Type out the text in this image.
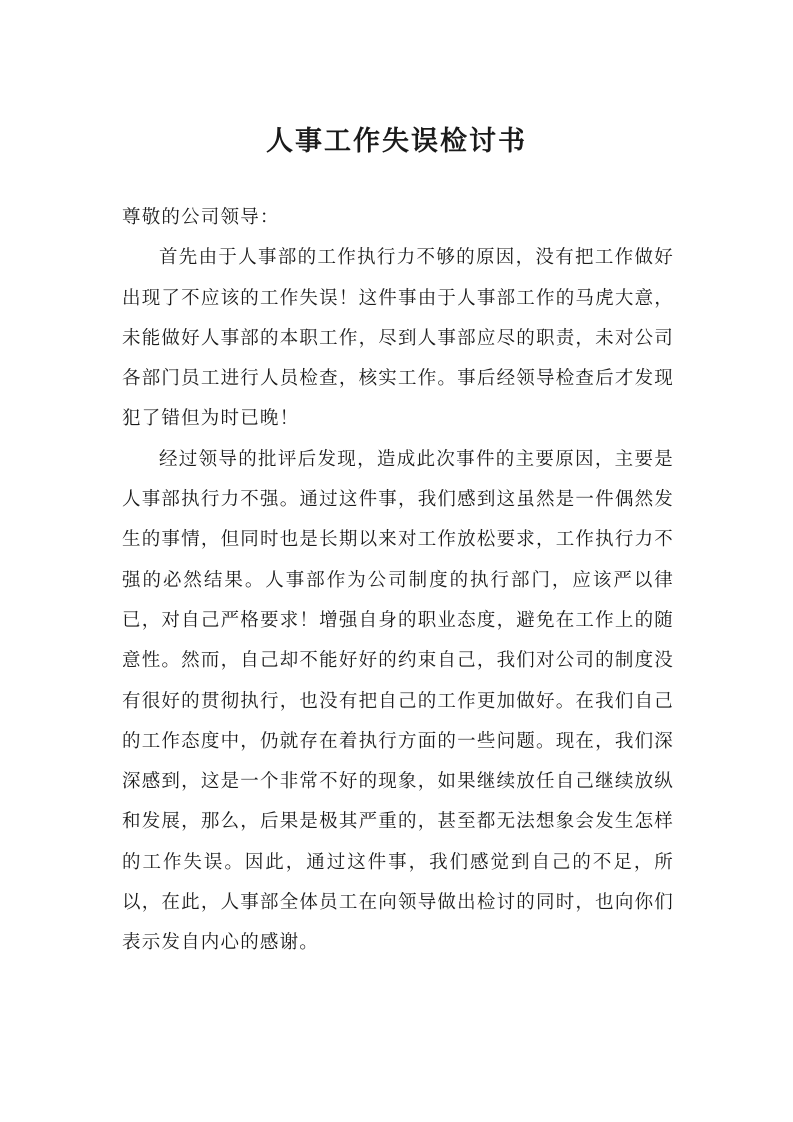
人事工作失误检讨书

尊敬的公司领导：

首先由于人事部的工作执行力不够的原因，没有把工作做好出现了不应该的工作失误！这件事由于人事部工作的马虎大意，未能做好人事部的本职工作，尽到人事部应尽的职责，未对公司各部门员工进行人员检查，核实工作。事后经领导检查后才发现犯了错但为时已晚！

经过领导的批评后发现，造成此次事件的主要原因，主要是人事部执行力不强。通过这件事，我们感到这虽然是一件偶然发生的事情，但同时也是长期以来对工作放松要求，工作执行力不强的必然结果。人事部作为公司制度的执行部门，应该严以律已，对自己严格要求！增强自身的职业态度，避免在工作上的随意性。然而，自己却不能好好的约束自己，我们对公司的制度没有很好的贯彻执行，也没有把自己的工作更加做好。在我们自己的工作态度中，仍就存在着执行方面的一些问题。现在，我们深深感到，这是一个非常不好的现象，如果继续放任自己继续放纵和发展，那么，后果是极其严重的，甚至都无法想象会发生怎样的工作失误。因此，通过这件事，我们感觉到自己的不足，所以，在此，人事部全体员工在向领导做出检讨的同时，也向你们表示发自内心的感谢。
